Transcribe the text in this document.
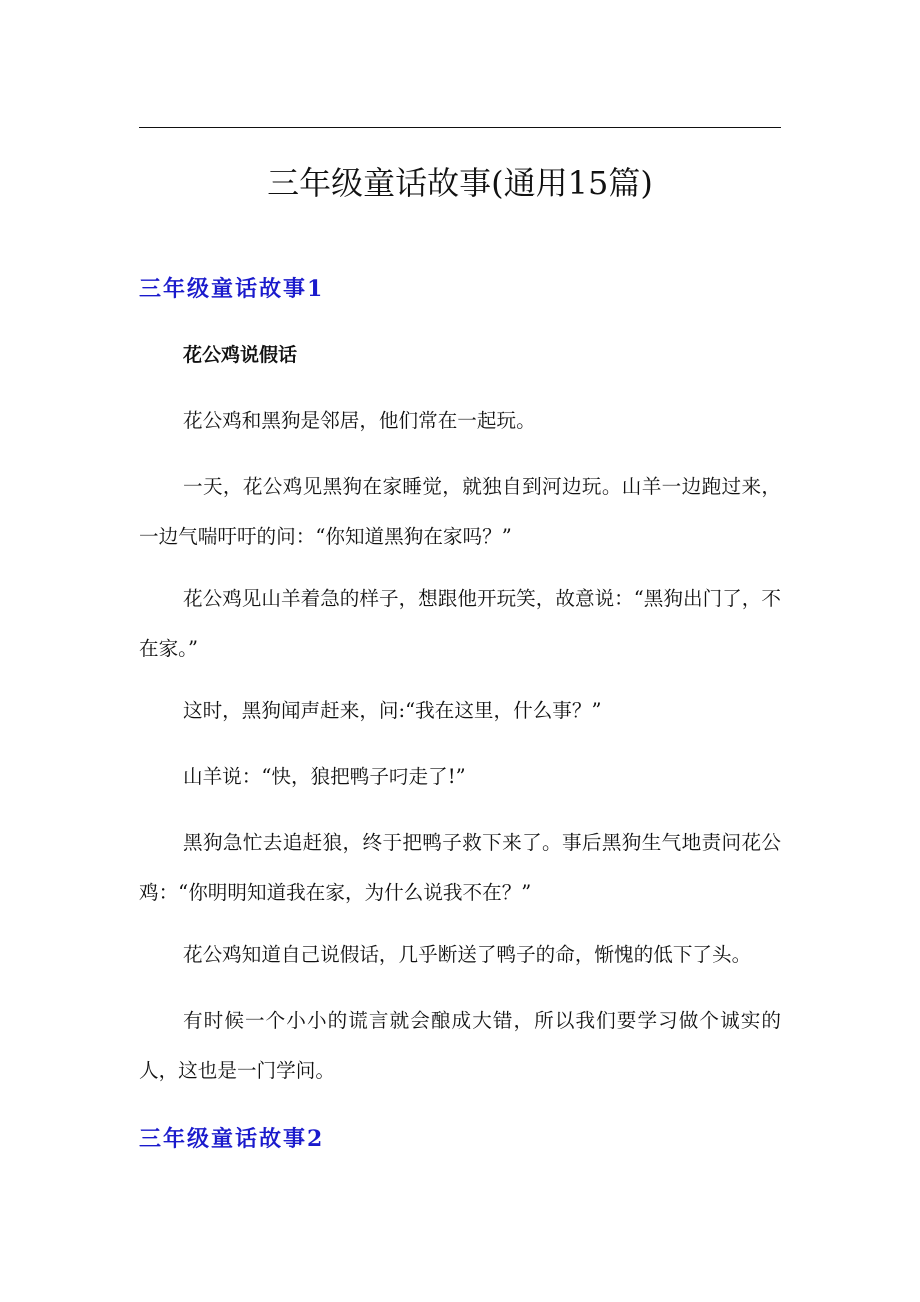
三年级童话故事(通用15篇)
三年级童话故事1
花公鸡说假话

花公鸡和黑狗是邻居，他们常在一起玩。

一天，花公鸡见黑狗在家睡觉，就独自到河边玩。山羊一边跑过来，一边气喘吁吁的问：“你知道黑狗在家吗？”

花公鸡见山羊着急的样子，想跟他开玩笑，故意说：“黑狗出门了，不在家。”

这时，黑狗闻声赶来，问:“我在这里，什么事？”

山羊说：“快，狼把鸭子叼走了!”

黑狗急忙去追赶狼，终于把鸭子救下来了。事后黑狗生气地责问花公鸡：“你明明知道我在家，为什么说我不在？”

花公鸡知道自己说假话，几乎断送了鸭子的命，惭愧的低下了头。

有时候一个小小的谎言就会酿成大错，所以我们要学习做个诚实的人，这也是一门学问。

三年级童话故事2
